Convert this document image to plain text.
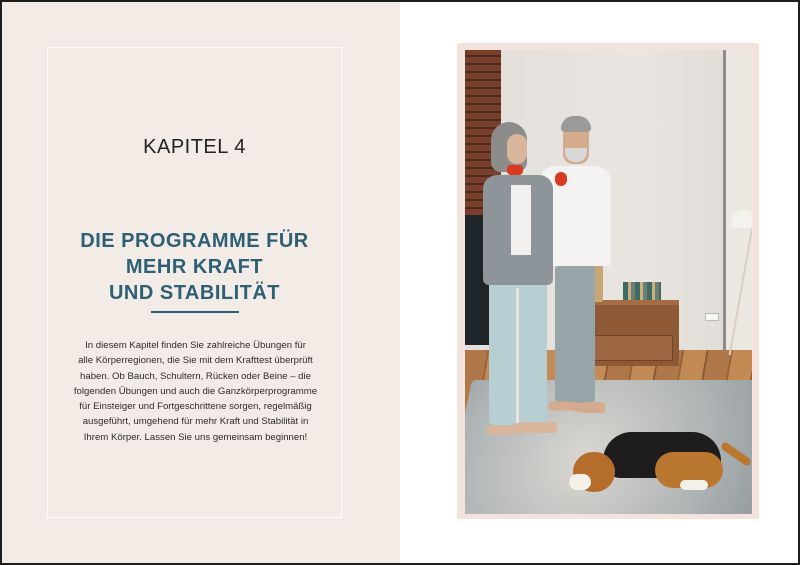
KAPITEL 4
DIE PROGRAMME FÜR
MEHR KRAFT
UND STABILITÄT
In diesem Kapitel finden Sie zahlreiche Übungen für
alle Körperregionen, die Sie mit dem Krafttest überprüft
haben. Ob Bauch, Schultern, Rücken oder Beine – die
folgenden Übungen und auch die Ganzkörperprogramme
für Einsteiger und Fortgeschrittene sorgen, regelmäßig
ausgeführt, umgehend für mehr Kraft und Stabilität in
Ihrem Körper. Lassen Sie uns gemeinsam beginnen!
